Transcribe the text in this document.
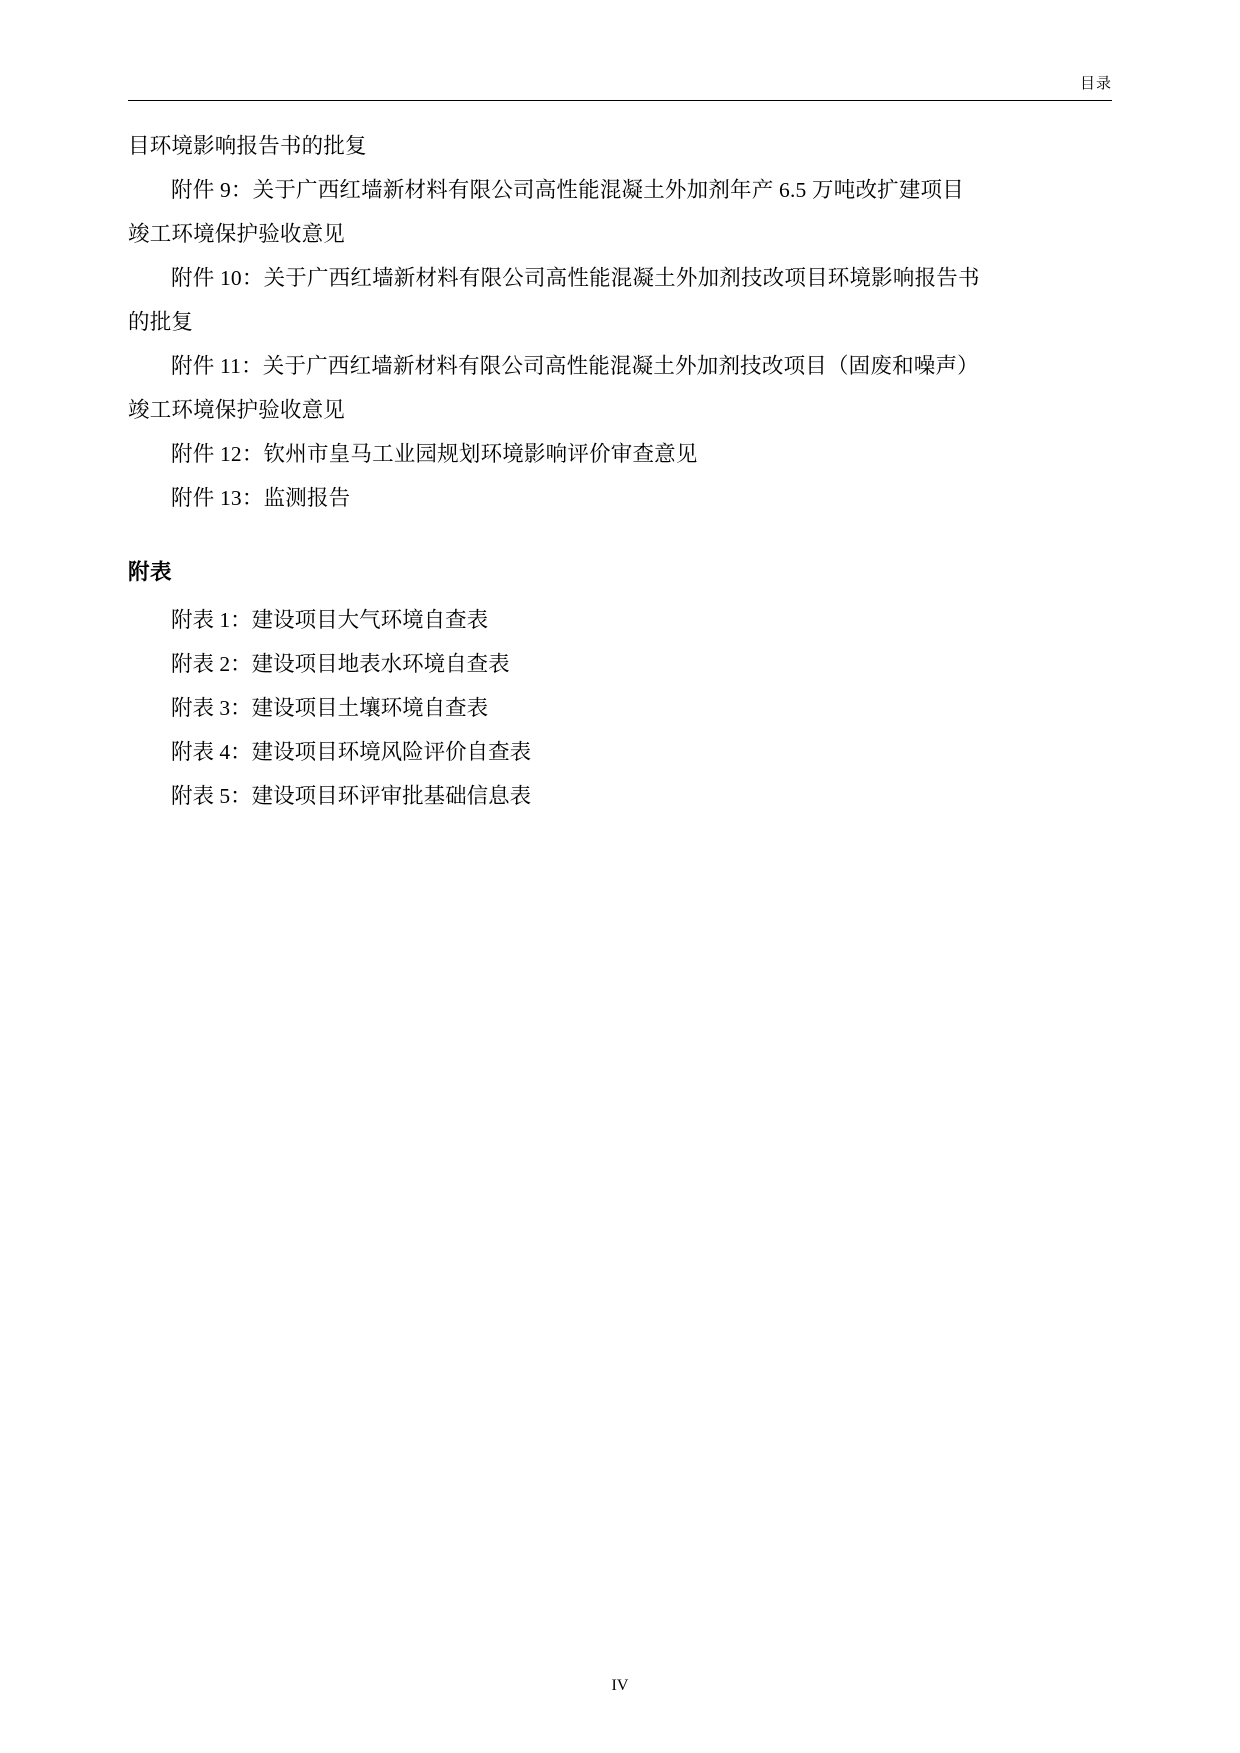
目录
目环境影响报告书的批复
附件 9：关于广西红墙新材料有限公司高性能混凝土外加剂年产 6.5 万吨改扩建项目竣工环境保护验收意见
附件 10：关于广西红墙新材料有限公司高性能混凝土外加剂技改项目环境影响报告书的批复
附件 11：关于广西红墙新材料有限公司高性能混凝土外加剂技改项目（固废和噪声）竣工环境保护验收意见
附件 12：钦州市皇马工业园规划环境影响评价审查意见
附件 13：监测报告
附表
附表 1：建设项目大气环境自查表
附表 2：建设项目地表水环境自查表
附表 3：建设项目土壤环境自查表
附表 4：建设项目环境风险评价自查表
附表 5：建设项目环评审批基础信息表
IV
